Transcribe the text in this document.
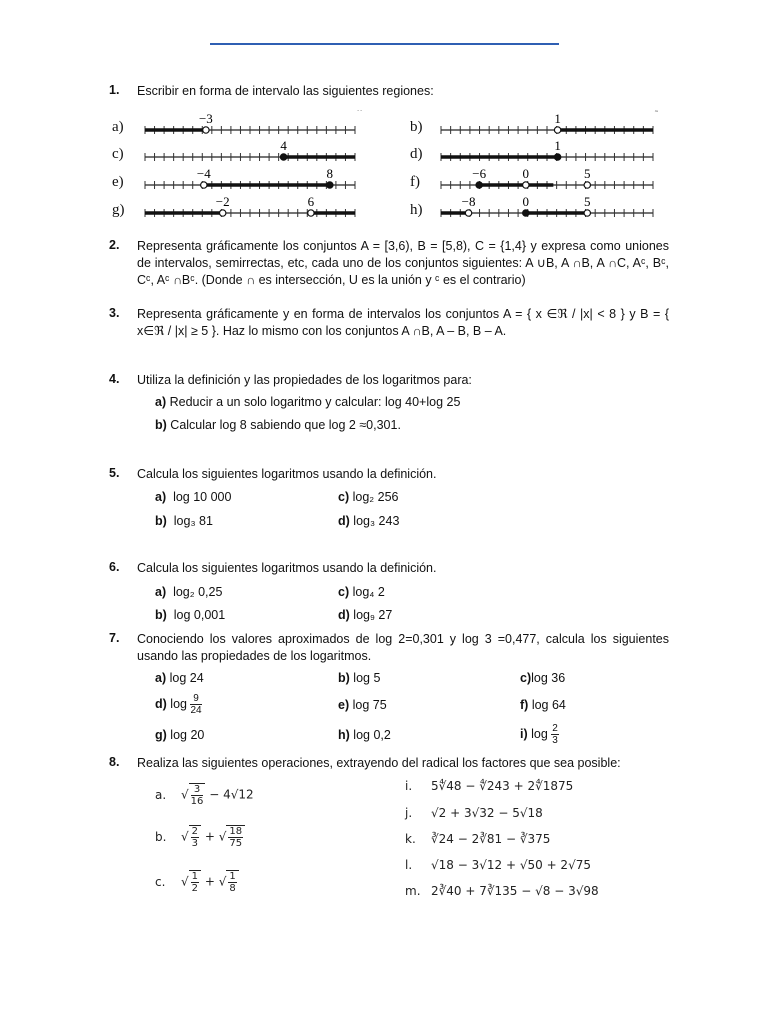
1. Escribir en forma de intervalo las siguientes regiones:
a)
−3	˙˙
b)
1	˜
c)
4
d)
1
e)
−4	8
f)
−6	0	5
g)
−2	6
h)
−8	0	5
2. Representa gráficamente los conjuntos A = [3,6), B = [5,8), C = {1,4} y expresa como uniones de intervalos, semirrectas, etc, cada uno de los conjuntos siguientes: A ∪B, A ∩B, A ∩C, Aᶜ, Bᶜ, Cᶜ, Aᶜ ∩Bᶜ. (Donde ∩ es intersección, U es la unión y ᶜ es el contrario)
3. Representa gráficamente y en forma de intervalos los conjuntos A = { x ∈ℜ / |x| < 8 } y B = { x∈ℜ / |x| ≥ 5 }. Haz lo mismo con los conjuntos A ∩B, A – B, B – A.
4. Utiliza la definición y las propiedades de los logaritmos para:
a) Reducir a un solo logaritmo y calcular: log 40+log 25
b) Calcular log 8 sabiendo que log 2 ≈0,301.
5. Calcula los siguientes logaritmos usando la definición.
a) log 10 000
b) log₃ 81
c) log₂ 256
d) log₃ 243
6. Calcula los siguientes logaritmos usando la definición.
a) log₂ 0,25
b) log 0,001
c) log₄ 2
d) log₉ 27
7. Conociendo los valores aproximados de log 2=0,301 y log 3 =0,477, calcula los siguientes usando las propiedades de los logaritmos.
a) log 24	b) log 5	c)log 36
d) $\log \frac{9}{24}$	e) log 75	f) log 64
g) log 20	h) log 0,2	i) $\log \frac{2}{3}$
8. Realiza las siguientes operaciones, extrayendo del radical los factores que sea posible:
a. √ $\frac{3}{16} - 4√12$
b. √ $\frac{2}{3}$ + √ $\frac{18}{75}$
c. √ $\frac{1}{2}$ + √ $\frac{1}{8}$
i. 5∜48 − ∜243 + 2∜1875
j. √2 + 3√32 − 5√18
k. ∛24 − 2∛81 − ∛375
l. √18 − 3√12 + √50 + 2√75
m. 2∛40 + 7∛135 − √8 − 3√98
